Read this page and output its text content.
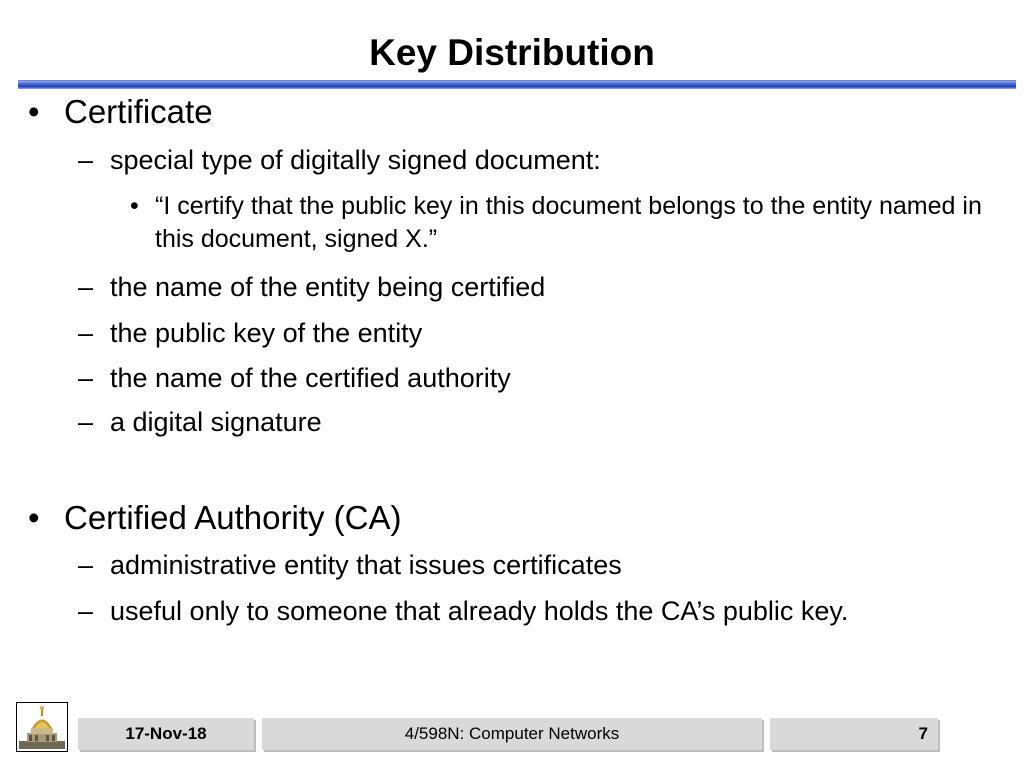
Key Distribution
• Certificate
– special type of digitally signed document:
• “I certify that the public key in this document belongs to the entity named in this document, signed X.”
– the name of the entity being certified
– the public key of the entity
– the name of the certified authority
– a digital signature
• Certified Authority (CA)
– administrative entity that issues certificates
– useful only to someone that already holds the CA’s public key.
17-Nov-18	4/598N: Computer Networks	7
